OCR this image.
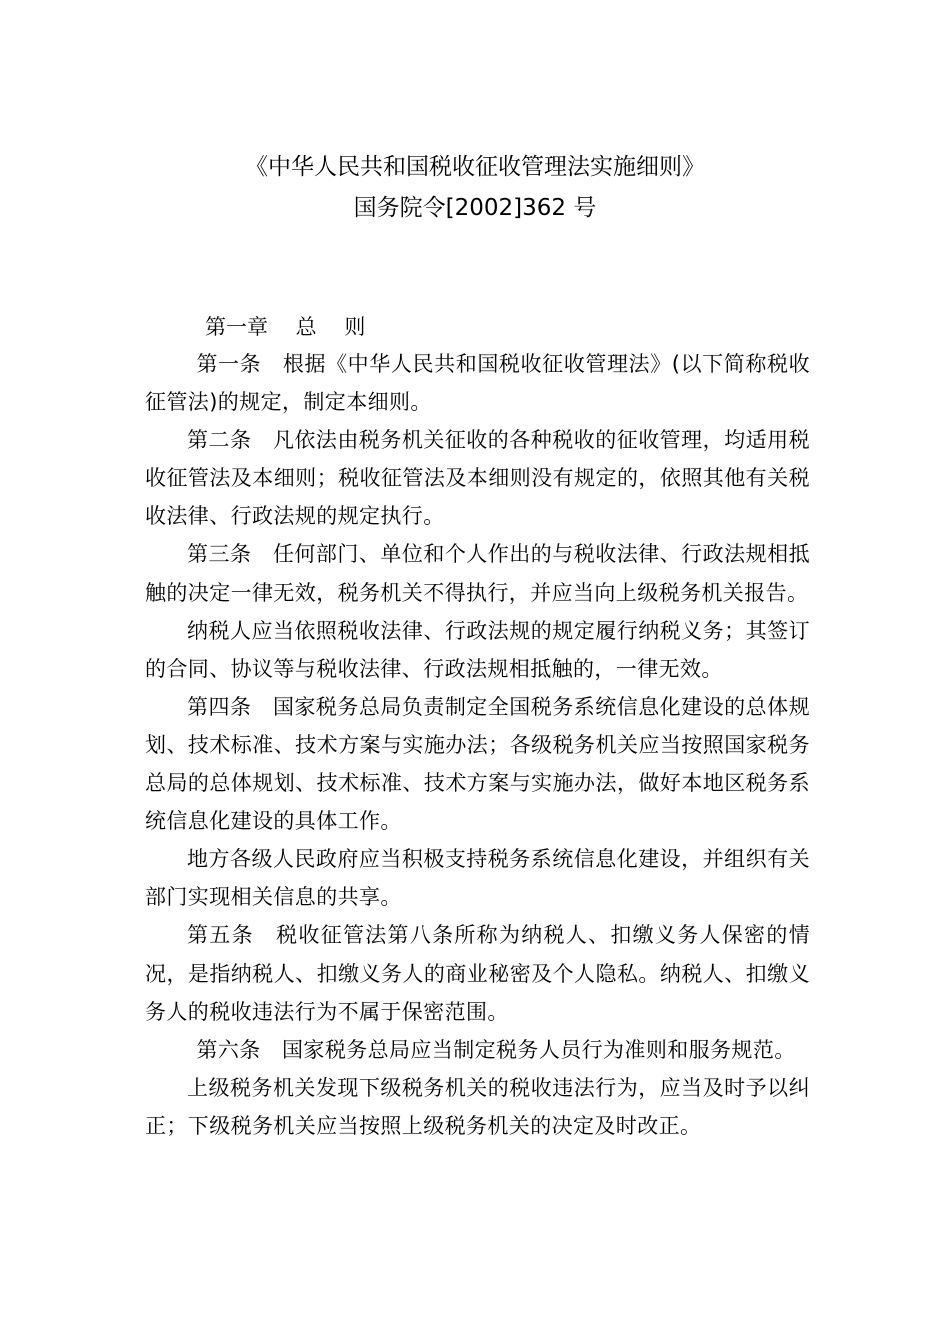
《中华人民共和国税收征收管理法实施细则》
国务院令[2002]362 号
第一章　 总　 则

第一条　根据《中华人民共和国税收征收管理法》(以下简称税收征管法)的规定，制定本细则。

第二条　凡依法由税务机关征收的各种税收的征收管理，均适用税收征管法及本细则；税收征管法及本细则没有规定的，依照其他有关税收法律、行政法规的规定执行。

第三条　任何部门、单位和个人作出的与税收法律、行政法规相抵触的决定一律无效，税务机关不得执行，并应当向上级税务机关报告。

纳税人应当依照税收法律、行政法规的规定履行纳税义务；其签订的合同、协议等与税收法律、行政法规相抵触的，一律无效。

第四条　国家税务总局负责制定全国税务系统信息化建设的总体规划、技术标准、技术方案与实施办法；各级税务机关应当按照国家税务总局的总体规划、技术标准、技术方案与实施办法，做好本地区税务系统信息化建设的具体工作。

地方各级人民政府应当积极支持税务系统信息化建设，并组织有关部门实现相关信息的共享。

第五条　税收征管法第八条所称为纳税人、扣缴义务人保密的情况，是指纳税人、扣缴义务人的商业秘密及个人隐私。纳税人、扣缴义务人的税收违法行为不属于保密范围。

第六条　国家税务总局应当制定税务人员行为准则和服务规范。

上级税务机关发现下级税务机关的税收违法行为，应当及时予以纠正；下级税务机关应当按照上级税务机关的决定及时改正。
